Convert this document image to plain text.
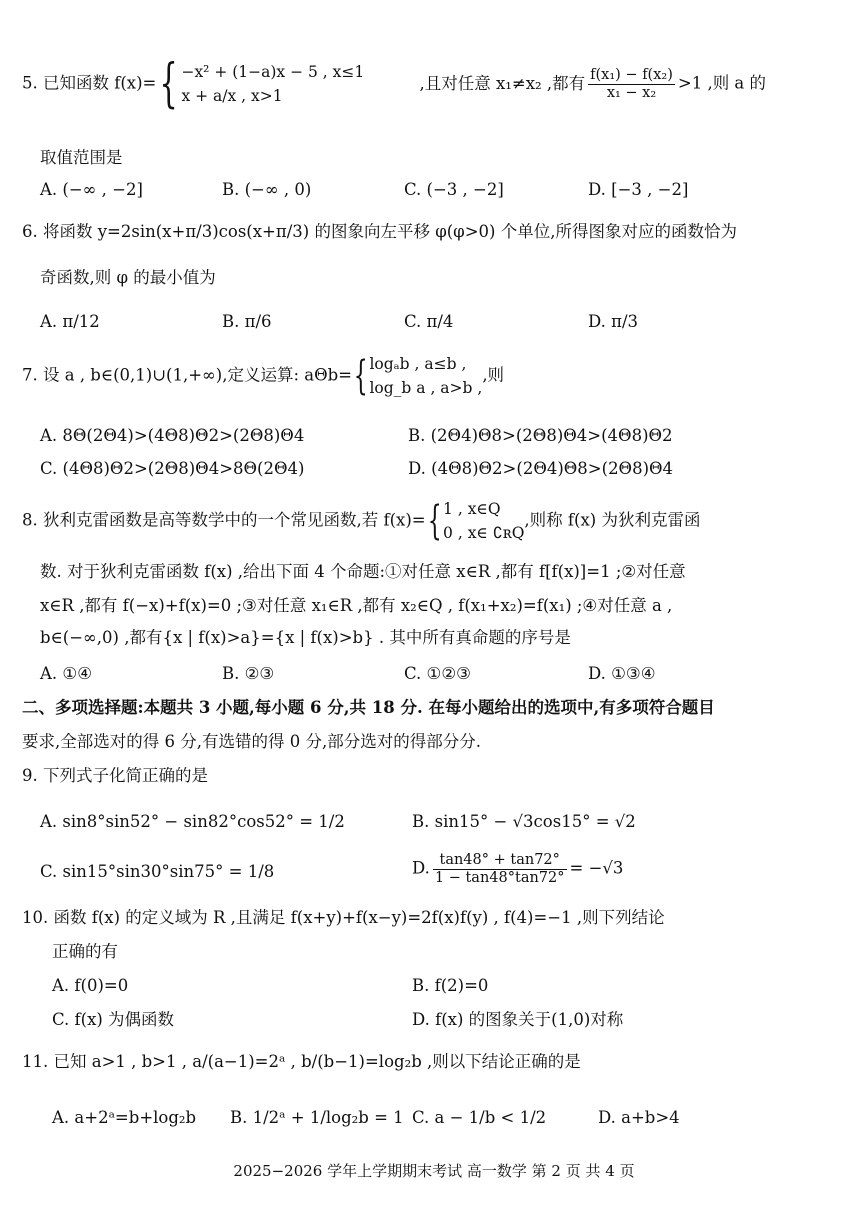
5. 已知函数 f(x)={ −x² + (1−a)x − 5 , x≤1
x + a/x , x>1
,且对任意 x₁≠x₂ ,都有 $\frac{\text{f(x₁) − f(x₂)}}{\text{x₁ − x₂}} >1$ ,则 a 的
取值范围是
A. (−∞ , −2]	B. (−∞ , 0)	C. (−3 , −2]	D. [−3 , −2]
6. 将函数 y=2sin(x+π/3)cos(x+π/3) 的图象向左平移 φ(φ>0) 个单位,所得图象对应的函数恰为
奇函数,则 φ 的最小值为
A. π/12	B. π/6	C. π/4	D. π/3
7. 设 a , b∈(0,1)∪(1,+∞),定义运算: aΘb={ logₐb , a≤b ,
log_b a , a>b ,
,则
A. 8Θ(2Θ4)>(4Θ8)Θ2>(2Θ8)Θ4	B. (2Θ4)Θ8>(2Θ8)Θ4>(4Θ8)Θ2
C. (4Θ8)Θ2>(2Θ8)Θ4>8Θ(2Θ4)	D. (4Θ8)Θ2>(2Θ4)Θ8>(2Θ8)Θ4
8. 狄利克雷函数是高等数学中的一个常见函数,若 f(x)={ 1 , x∈Q
0 , x∈ ∁ʀQ
,则称 f(x) 为狄利克雷函
数. 对于狄利克雷函数 f(x) ,给出下面 4 个命题:①对任意 x∈R ,都有 f[f(x)]=1 ;②对任意
x∈R ,都有 f(−x)+f(x)=0 ;③对任意 x₁∈R ,都有 x₂∈Q , f(x₁+x₂)=f(x₁) ;④对任意 a ,
b∈(−∞,0) ,都有{x | f(x)>a}={x | f(x)>b} . 其中所有真命题的序号是
A. ①④	B. ②③	C. ①②③	D. ①③④
二、多项选择题:本题共 3 小题,每小题 6 分,共 18 分. 在每小题给出的选项中,有多项符合题目
要求,全部选对的得 6 分,有选错的得 0 分,部分选对的得部分分.
9. 下列式子化简正确的是
A. sin8°sin52° − sin82°cos52° = 1/2	B. sin15° − √3cos15° = √2
C. sin15°sin30°sin75° = 1/8	D. $\frac{\tan 48^\circ + \tan 72^\circ}{1 - \tan 48^\circ\tan 72^\circ} = -√3$
10. 函数 f(x) 的定义域为 R ,且满足 f(x+y)+f(x−y)=2f(x)f(y) , f(4)=−1 ,则下列结论
正确的有
A. f(0)=0	B. f(2)=0
C. f(x) 为偶函数	D. f(x) 的图象关于(1,0)对称
11. 已知 a>1 , b>1 , a/(a−1)=2ᵃ , b/(b−1)=log₂b ,则以下结论正确的是
A. a+2ᵃ=b+log₂b B. 1/2ᵃ + 1/log₂b = 1 C. a − 1/b < 1/2	D. a+b>4
2025−2026 学年上学期期末考试 高一数学 第 2 页 共 4 页
